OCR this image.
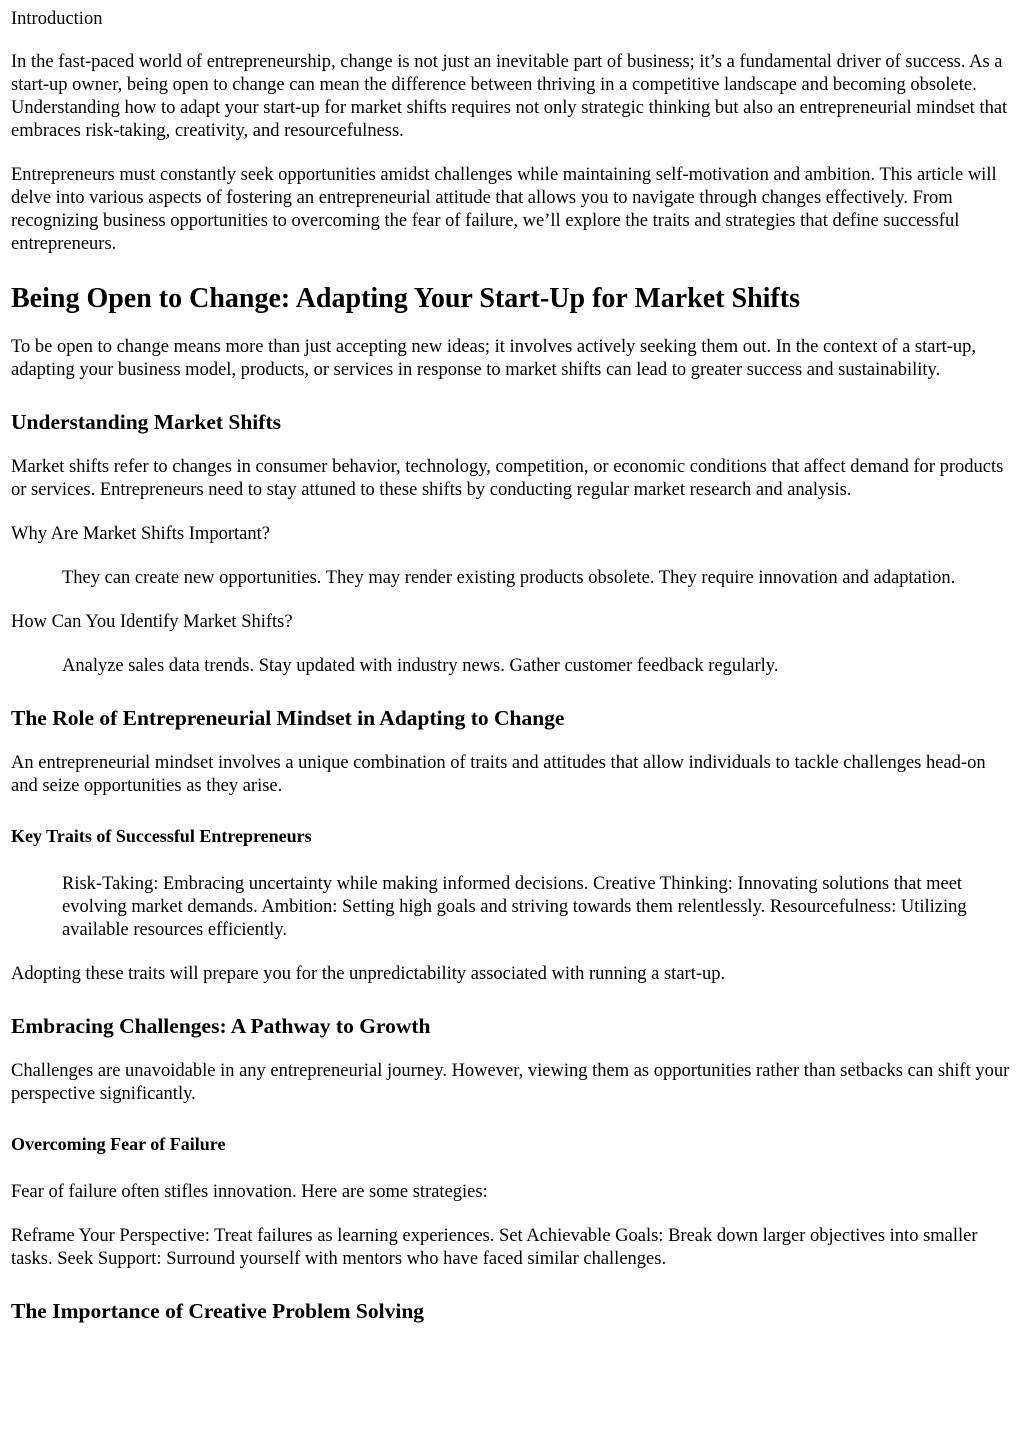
Introduction

In the fast-paced world of entrepreneurship, change is not just an inevitable part of business; it’s a fundamental driver of success. As a start-up owner, being open to change can mean the difference between thriving in a competitive landscape and becoming obsolete. Understanding how to adapt your start-up for market shifts requires not only strategic thinking but also an entrepreneurial mindset that embraces risk-taking, creativity, and resourcefulness.

Entrepreneurs must constantly seek opportunities amidst challenges while maintaining self-motivation and ambition. This article will delve into various aspects of fostering an entrepreneurial attitude that allows you to navigate through changes effectively. From recognizing business opportunities to overcoming the fear of failure, we’ll explore the traits and strategies that define successful entrepreneurs.

Being Open to Change: Adapting Your Start-Up for Market Shifts

To be open to change means more than just accepting new ideas; it involves actively seeking them out. In the context of a start-up, adapting your business model, products, or services in response to market shifts can lead to greater success and sustainability.

Understanding Market Shifts

Market shifts refer to changes in consumer behavior, technology, competition, or economic conditions that affect demand for products or services. Entrepreneurs need to stay attuned to these shifts by conducting regular market research and analysis.

Why Are Market Shifts Important?

They can create new opportunities. They may render existing products obsolete. They require innovation and adaptation.

How Can You Identify Market Shifts?

Analyze sales data trends. Stay updated with industry news. Gather customer feedback regularly.
The Role of Entrepreneurial Mindset in Adapting to Change

An entrepreneurial mindset involves a unique combination of traits and attitudes that allow individuals to tackle challenges head-on and seize opportunities as they arise.

Key Traits of Successful Entrepreneurs
Risk-Taking: Embracing uncertainty while making informed decisions. Creative Thinking: Innovating solutions that meet evolving market demands. Ambition: Setting high goals and striving towards them relentlessly. Resourcefulness: Utilizing available resources efficiently.

Adopting these traits will prepare you for the unpredictability associated with running a start-up.

Embracing Challenges: A Pathway to Growth

Challenges are unavoidable in any entrepreneurial journey. However, viewing them as opportunities rather than setbacks can shift your perspective significantly.

Overcoming Fear of Failure

Fear of failure often stifles innovation. Here are some strategies:

Reframe Your Perspective: Treat failures as learning experiences. Set Achievable Goals: Break down larger objectives into smaller tasks. Seek Support: Surround yourself with mentors who have faced similar challenges.

The Importance of Creative Problem Solving
